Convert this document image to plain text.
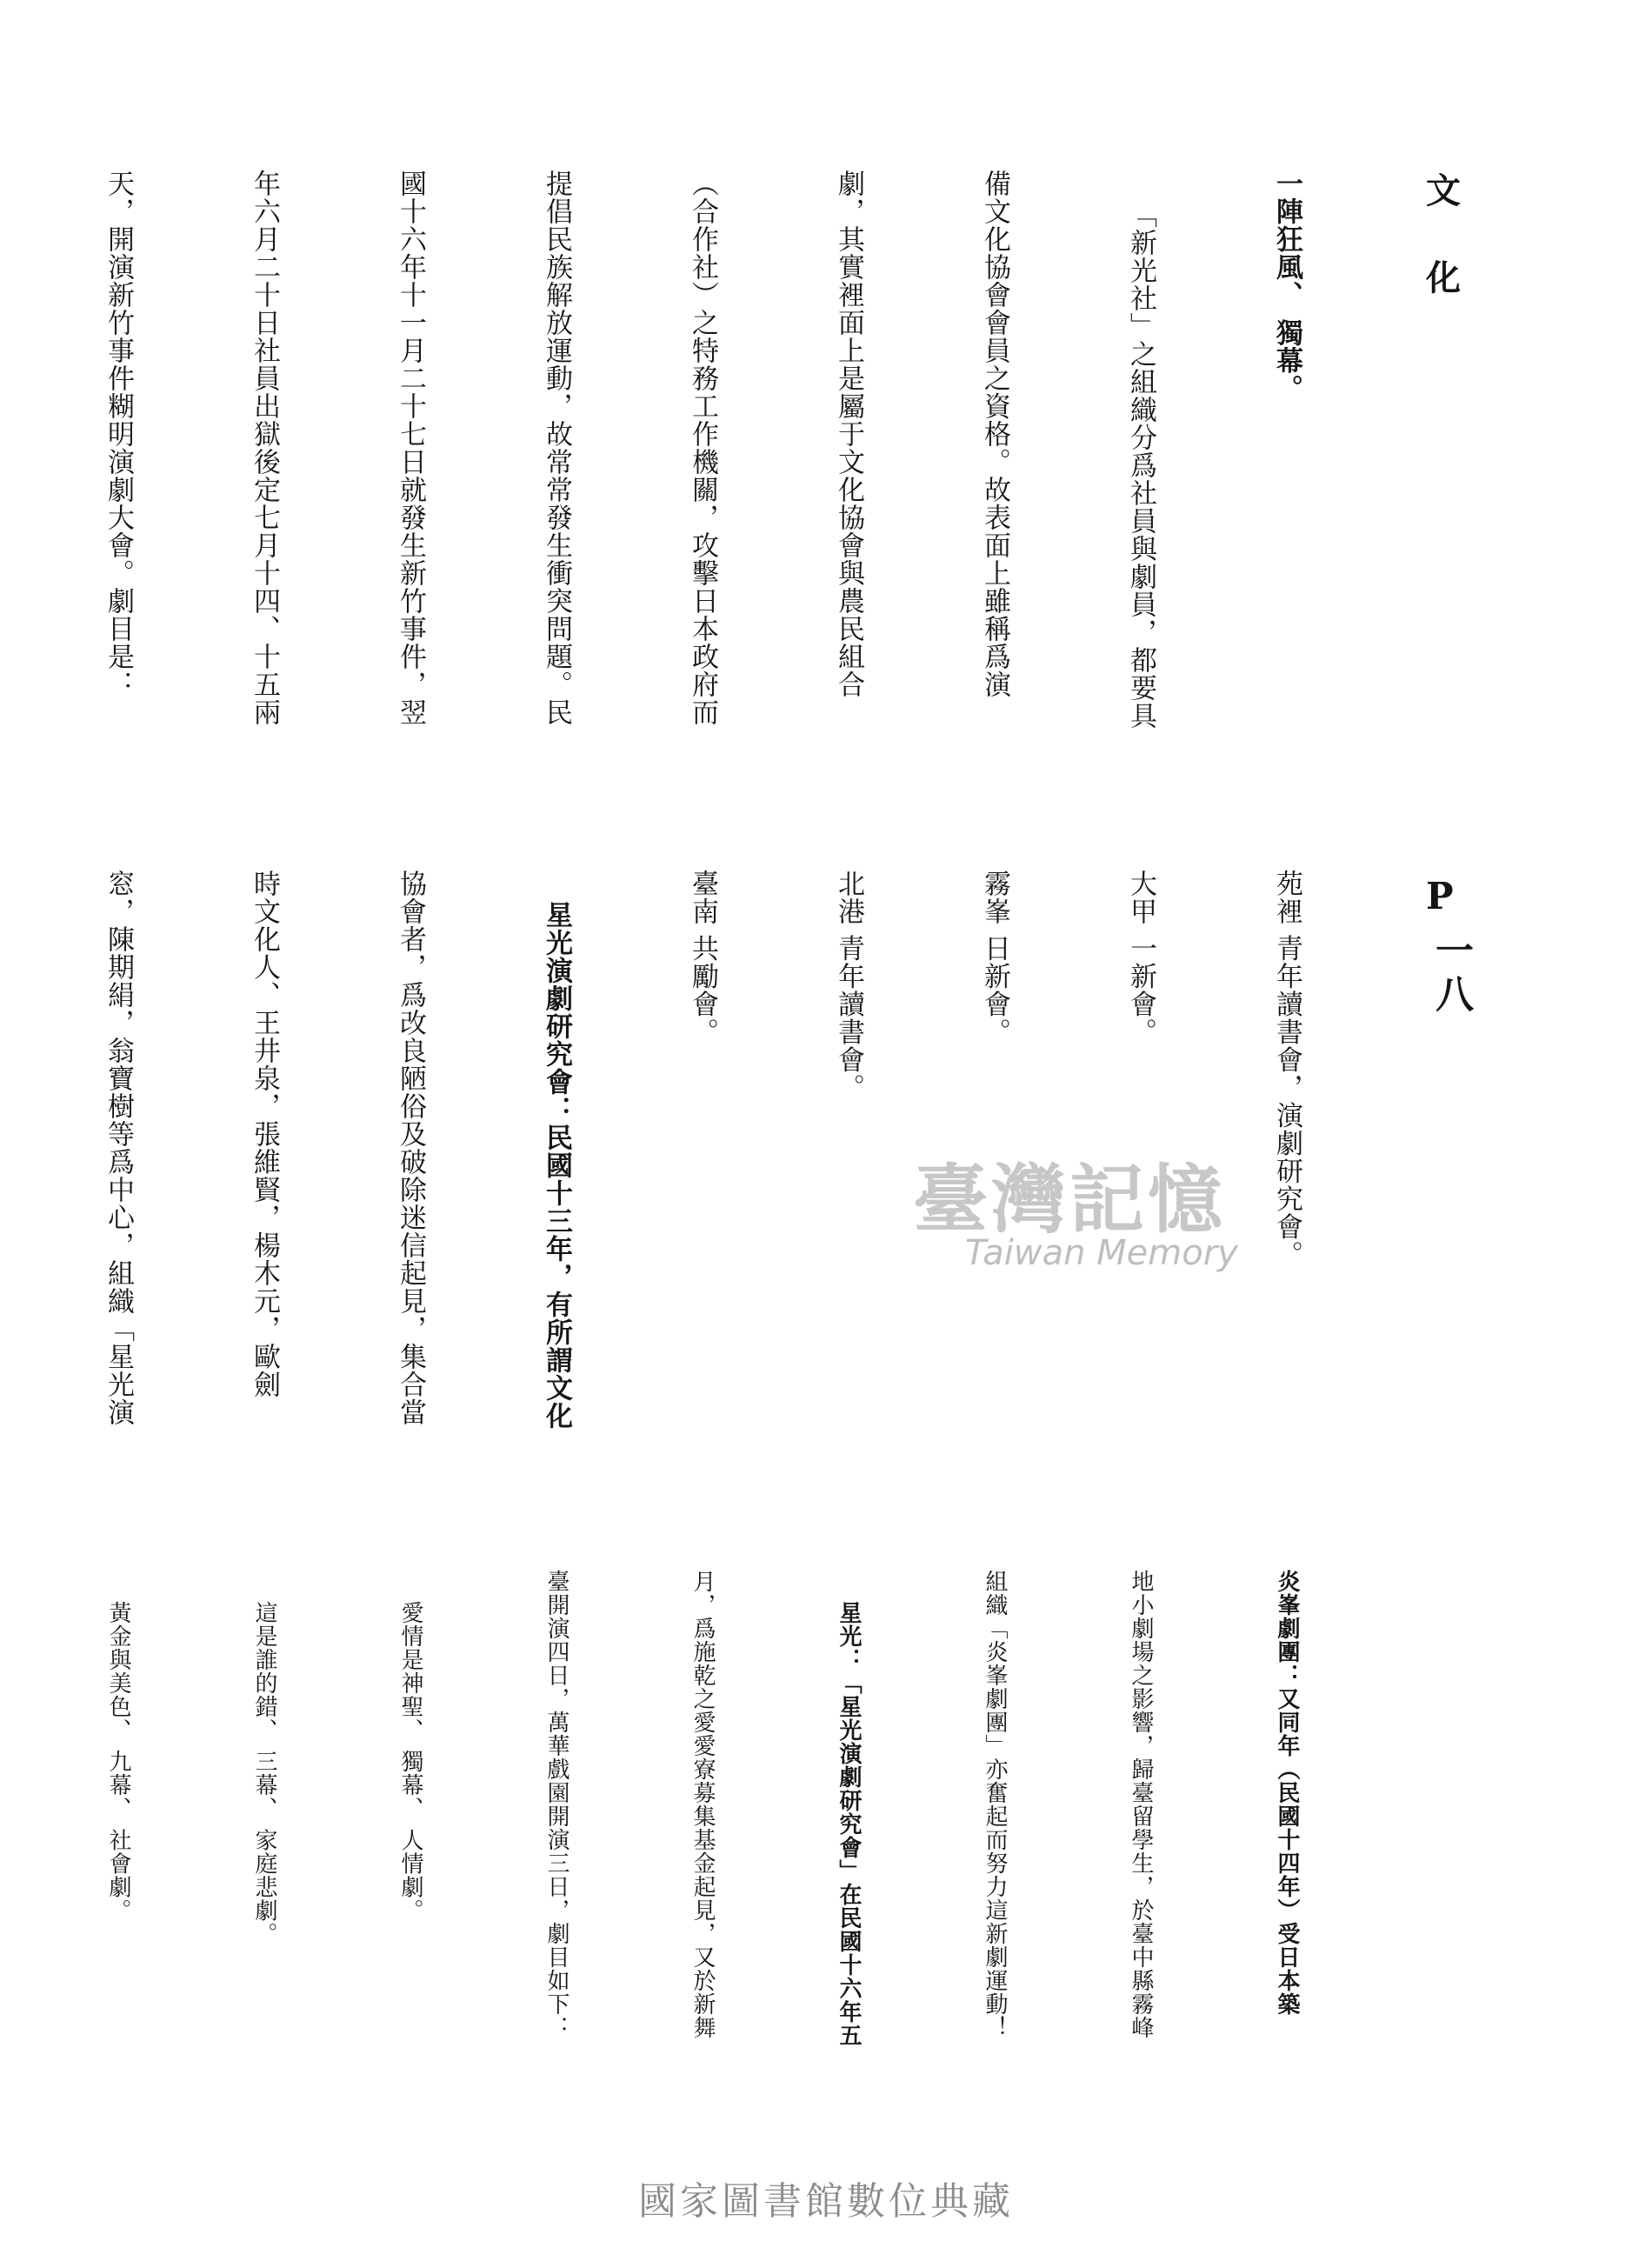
文
化
P
一八

一陣狂風、 獨幕。

「新光社」之組織分爲社員與劇員，都要具

備文化協會會員之資格。故表面上雖稱爲演

劇，其實裡面上是屬于文化協會與農民組合

（合作社）之特務工作機關，攻擊日本政府而

提倡民族解放運動，故常常發生衝突問題。民

國十六年十一月二十七日就發生新竹事件，翌

年六月二十日社員出獄後定七月十四、十五兩

天，開演新竹事件糊明演劇大會。劇目是：

苑裡 青年讀書會，演劇研究會。

大甲 一新會。

霧峯 日新會。

北港 青年讀書會。

臺南 共勵會。

星光演劇研究會：民國十三年，有所謂文化

協會者，爲改良陋俗及破除迷信起見，集合當

時文化人、王井泉，張維賢，楊木元，歐劍

窓，陳期絹，翁寶樹等爲中心，組織「星光演

	臺灣記憶
Taiwan Memory
國家圖書館數位典藏

炎峯劇團：又同年（民國十四年）受日本築

地小劇場之影響，歸臺留學生，於臺中縣霧峰

組織「炎峯劇團」亦奮起而努力這新劇運動！

星光：「星光演劇研究會」在民國十六年五

月，爲施乾之愛愛寮募集基金起見，又於新舞

臺開演四日，萬華戲園開演三日，劇目如下：

愛情是神聖、 獨幕、 人情劇。

這是誰的錯、 三幕、 家庭悲劇。

黃金與美色、 九幕、 社會劇。
